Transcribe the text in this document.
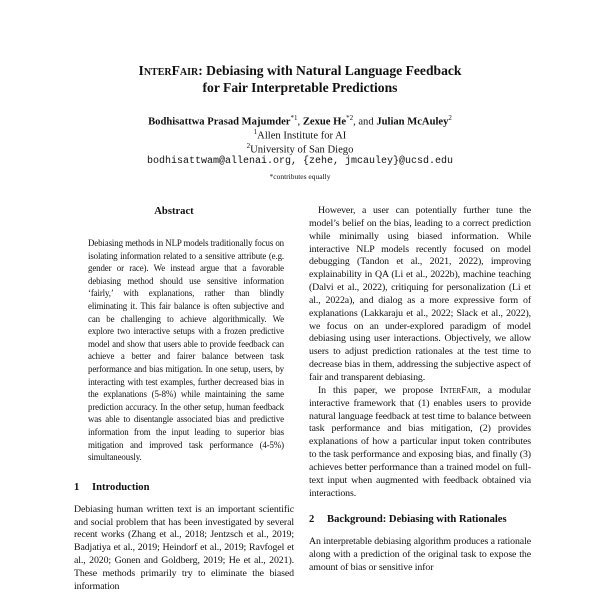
InterFair: Debiasing with Natural Language Feedback
for Fair Interpretable Predictions
Bodhisattwa Prasad Majumder$^{*1}$, Zexue He$^{*2}$, and Julian McAuley$^2$
$^1$Allen Institute for AI
$^2$University of San Diego
bodhisattwam@allenai.org, {zehe, jmcauley}@ucsd.edu
*contributes equally
Abstract
Debiasing methods in NLP models traditionally focus on isolating information related to a sensitive attribute (e.g. gender or race). We instead argue that a favorable debiasing method should use sensitive information ‘fairly,’ with explanations, rather than blindly eliminating it. This fair balance is often subjective and can be challenging to achieve algorithmically. We explore two interactive setups with a frozen predictive model and show that users able to provide feedback can achieve a better and fairer balance between task performance and bias mitigation. In one setup, users, by interacting with test examples, further decreased bias in the explanations (5-8%) while maintaining the same prediction accuracy. In the other setup, human feedback was able to disentangle associated bias and predictive information from the input leading to superior bias mitigation and improved task performance (4-5%) simultaneously.
1 Introduction

Debiasing human written text is an important scientific and social problem that has been investigated by several recent works (Zhang et al., 2018; Jentzsch et al., 2019; Badjatiya et al., 2019; Heindorf et al., 2019; Ravfogel et al., 2020; Gonen and Goldberg, 2019; He et al., 2021). These methods primarily try to eliminate the biased information

However, a user can potentially further tune the model’s belief on the bias, leading to a correct prediction while minimally using biased information. While interactive NLP models recently focused on model debugging (Tandon et al., 2021, 2022), improving explainability in QA (Li et al., 2022b), machine teaching (Dalvi et al., 2022), critiquing for personalization (Li et al., 2022a), and dialog as a more expressive form of explanations (Lakkaraju et al., 2022; Slack et al., 2022), we focus on an under-explored paradigm of model debiasing using user interactions. Objectively, we allow users to adjust prediction rationales at the test time to decrease bias in them, addressing the subjective aspect of fair and transparent debiasing.

In this paper, we propose InterFair, a modular interactive framework that (1) enables users to provide natural language feedback at test time to balance between task performance and bias mitigation, (2) provides explanations of how a particular input token contributes to the task performance and exposing bias, and finally (3) achieves better performance than a trained model on full-text input when augmented with feedback obtained via interactions.

2 Background: Debiasing with Rationales

An interpretable debiasing algorithm produces a rationale along with a prediction of the original task to expose the amount of bias or sensitive infor
